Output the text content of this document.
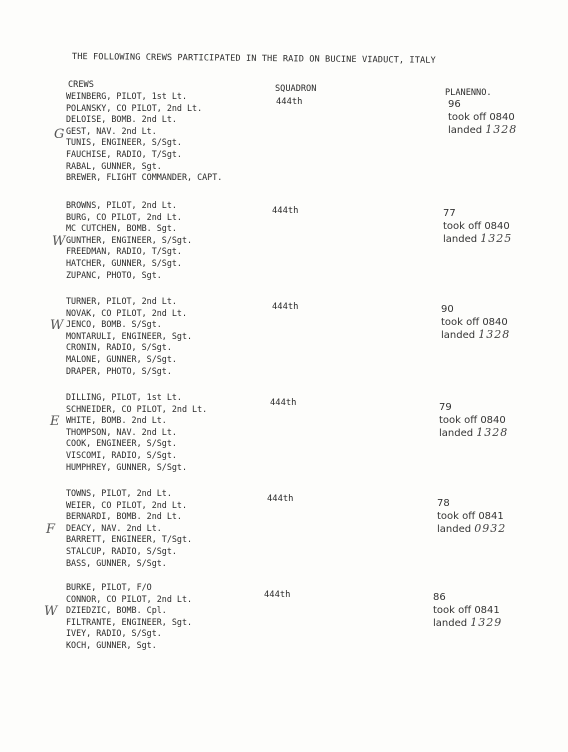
THE FOLLOWING CREWS PARTICIPATED IN THE RAID ON BUCINE VIADUCT, ITALY
CREWS	SQUADRON	PLANENNO.
G
WEINBERG, PILOT, 1st Lt.
POLANSKY, CO PILOT, 2nd Lt.
DELOISE, BOMB. 2nd Lt.
GEST, NAV. 2nd Lt.
TUNIS, ENGINEER, S/Sgt.
FAUCHISE, RADIO, T/Sgt.
RABAL, GUNNER, Sgt.
BREWER, FLIGHT COMMANDER, CAPT.
444th	96
took off 0840
landed 1328
W
BROWNS, PILOT, 2nd Lt.
BURG, CO PILOT, 2nd Lt.
MC CUTCHEN, BOMB. Sgt.
GUNTHER, ENGINEER, S/Sgt.
FREEDMAN, RADIO, T/Sgt.
HATCHER, GUNNER, S/Sgt.
ZUPANC, PHOTO, Sgt.
444th	77
took off 0840
landed 1325
W
TURNER, PILOT, 2nd Lt.
NOVAK, CO PILOT, 2nd Lt.
JENCO, BOMB. S/Sgt.
MONTARULI, ENGINEER, Sgt.
CRONIN, RADIO, S/Sgt.
MALONE, GUNNER, S/Sgt.
DRAPER, PHOTO, S/Sgt.
444th	90
took off 0840
landed 1328
E
DILLING, PILOT, 1st Lt.
SCHNEIDER, CO PILOT, 2nd Lt.
WHITE, BOMB. 2nd Lt.
THOMPSON, NAV. 2nd Lt.
COOK, ENGINEER, S/Sgt.
VISCOMI, RADIO, S/Sgt.
HUMPHREY, GUNNER, S/Sgt.
444th	79
took off 0840
landed 1328
F
TOWNS, PILOT, 2nd Lt.
WEIER, CO PILOT, 2nd Lt.
BERNARDI, BOMB. 2nd Lt.
DEACY, NAV. 2nd Lt.
BARRETT, ENGINEER, T/Sgt.
STALCUP, RADIO, S/Sgt.
BASS, GUNNER, S/Sgt.
444th	78
took off 0841
landed 0932
W
BURKE, PILOT, F/O
CONNOR, CO PILOT, 2nd Lt.
DZIEDZIC, BOMB. Cpl.
FILTRANTE, ENGINEER, Sgt.
IVEY, RADIO, S/Sgt.
KOCH, GUNNER, Sgt.
444th	86
took off 0841
landed 1329
